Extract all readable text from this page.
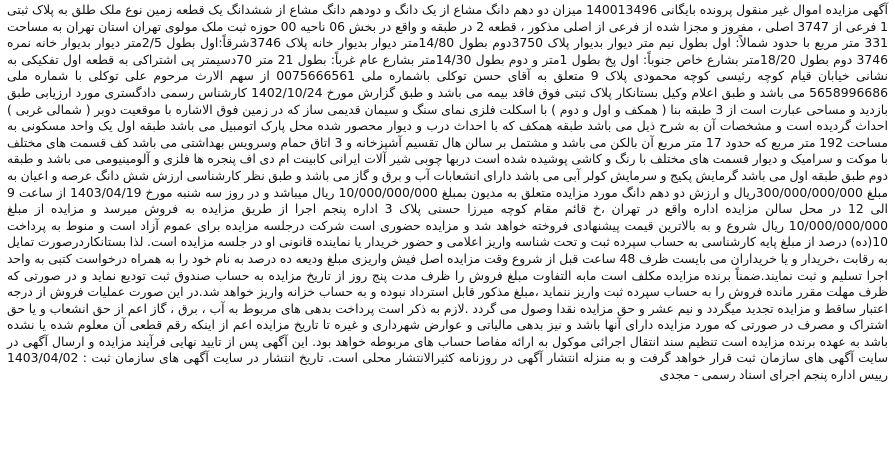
آگهی مزایده اموال غیر منقول پرونده بایگانی 140013496 میزان دو دهم دانگ مشاع از یک دانگ و دودهم دانگ مشاع از ششدانگ یک قطعه زمین نوع ملک طلق به پلاک ثبتی 1 فرعی از 3747 اصلی ، مفروز و مجزا شده از فرعی از اصلی مذکور ، قطعه 2 در طبقه و واقع در بخش 06 ناحیه 00 حوزه ثبت ملک مولوی تهران استان تهران به مساحت 331 متر مربع با حدود شمالاً: اول بطول نیم متر دیوار بدیوار پلاک 3750دوم بطول 14/80متر دیوار بدیوار خانه پلاک 3746شرقاً:اول بطول 2/5متر دیوار بدیوار خانه نمره 3746 دوم بطول 18/20متر بشارع خاص جنوباً: اول پخ بطول 1متر و دوم بطول 14/30متر بشارع عام غرباً: بطول 21 متر 70دسیمتر پی اشتراکی به قطعه اول تفکیکی به نشانی خیابان قیام کوچه رئیسی کوچه محمودی پلاک 9 متعلق به آقای حسن توکلی باشماره ملی 0075666561 از سهم الارث مرحوم علی توکلی با شماره ملی 5658996686 می باشد و طبق اعلام وکیل بستانکار پلاک ثبتی فوق فاقد بیمه می باشد و طبق گزارش مورخ 1402/10/24 کارشناس رسمی دادگستری مورد ارزیابی طبق بازدید و مساحی عبارت است از 3 طبقه بنا ( همکف و اول و دوم ) با اسکلت فلزی نمای سنگ و سیمان قدیمی ساز که در زمین فوق الاشاره با موقعیت دوبر ( شمالی غربی ) احداث گردیده است و مشخصات آن به شرح ذیل می باشد طبقه همکف که با احداث درب و دیوار محصور شده محل پارک اتومبیل می باشد طبقه اول یک واحد مسکونی به مساحت 192 متر مربع که حدود 17 متر مربع آن بالکن می باشد و مشتمل بر سالن هال تقسیم آشپزخانه و 3 اتاق حمام وسرویس بهداشتی می باشد کف قسمت های مختلف با موکت و سرامیک و دیوار قسمت های مختلف با رنگ و کاشی پوشیده شده است دربها چوبی شیر آلات ایرانی کابینت ام دی اف پنجره ها فلزی و آلومینیومی می باشد و طبقه دوم طبق طبقه اول می باشد گرمایش پکیج و سرمایش کولر آبی می باشد دارای انشعابات آب و برق و گاز می باشد و طبق نظر کارشناسی ارزش شش دانگ عرصه و اعیان به مبلغ 300/000/000/000ریال و ارزش دو دهم دانگ مورد مزایده متعلق به مدیون بمبلغ 10/000/000/000 ریال میباشد و در روز سه شنبه مورخ 1403/04/19 از ساعت 9 الی 12 در محل سالن مزایده اداره واقع در تهران ،خ قائم مقام کوچه میرزا حسنی پلاک 3 اداره پنجم اجرا از طریق مزایده به فروش میرسد و مزایده از مبلغ 10/000/000/000 ریال شروع و به بالاترین قیمت پیشنهادی فروخته خواهد شد و مزایده حضوری است شرکت درجلسه مزایده برای عموم آزاد است و منوط به پرداخت 10(ده) درصد از مبلغ پایه کارشناسی به حساب سپرده ثبت و تحت شناسه واریز اعلامی و حضور خریدار یا نماینده قانونی او در جلسه مزایده است. لذا بستانکاردرصورت تمایل به رقابت ،خریدار و یا خریداران می بایست ظرف 48 ساعت قبل از شروع وقت مزایده اصل فیش واریزی مبلغ ودیعه ده درصد به نام خود را به همراه درخواست کتبی به واحد اجرا تسلیم و ثبت نمایند.ضمناً برنده مزایده مکلف است مابه التفاوت مبلغ فروش را ظرف مدت پنج روز از تاریخ مزایده به حساب صندوق ثبت توديع نمايد و در صورتی که ظرف مهلت مقرر مانده فروش را به حساب سپرده ثبت واریز ننماید ،مبلغ مذکور قابل استرداد نبوده و به حساب خزانه واریز خواهد شد.در این صورت عملیات فروش از درجه اعتبار ساقط و مزایده تجدید میگردد و نیم عشر و حق مزایده نقدا وصول می گردد .لازم به ذکر است پرداخت بدهی های مربوط به آب ، برق ، گاز اعم از حق انشعاب و یا حق اشتراک و مصرف در صورتی که مورد مزایده دارای آنها باشد و نیز بدهی مالیاتی و عوارض شهرداری و غیره تا تاریخ مزایده اعم از اینکه رقم قطعی آن معلوم شده یا نشده باشد به عهده برنده مزایده است تنظیم سند انتقال اجرائی موکول به ارائه مفاصا حساب های مربوطه خواهد بود. این آگهی پس از تایید نهایی فرآیند مزایده و ارسال آگهی در سایت آگهی های سازمان ثبت قرار خواهد گرفت و به منزله انتشار آگهی در روزنامه کثیرالانتشار محلی است. تاریخ انتشار در سایت آگهی های سازمان ثبت : 1403/04/02 رییس اداره پنجم اجرای اسناد رسمی - مجدی
